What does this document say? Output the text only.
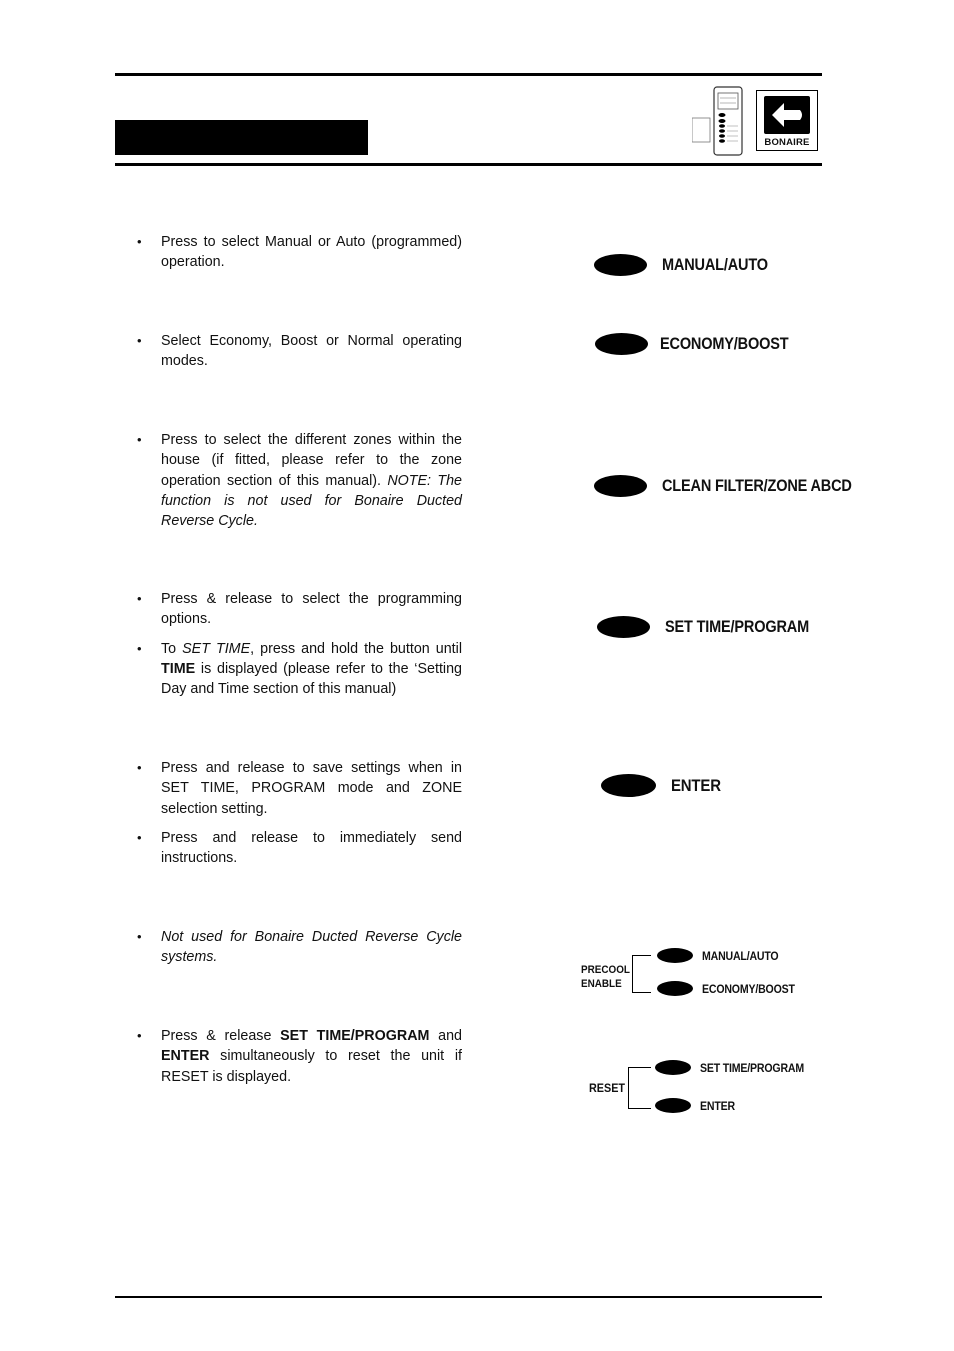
BONAIRE
• Press to select Manual or Auto (programmed) operation.	MANUAL/AUTO
• Select Economy, Boost or Normal operating modes.
ECONOMY/BOOST
• Press to select the different zones within the house (if fitted, please refer to the zone operation section of this manual). NOTE: The function is not used for Bonaire Ducted Reverse Cycle.
CLEAN FILTER/ZONE ABCD
• Press & release to select the programming options.
• To SET TIME, press and hold the button until TIME is displayed (please refer to the ‘Setting Day and Time section of this manual)
SET TIME/PROGRAM
• Press and release to save settings when in SET TIME, PROGRAM mode and ZONE selection setting.
• Press and release to immediately send instructions.
ENTER
• Not used for Bonaire Ducted Reverse Cycle systems.
PRECOOL
ENABLE
MANUAL/AUTO
ECONOMY/BOOST
• Press & release SET TIME/PROGRAM and ENTER simultaneously to reset the unit if RESET is displayed.
RESET
SET TIME/PROGRAM
ENTER
